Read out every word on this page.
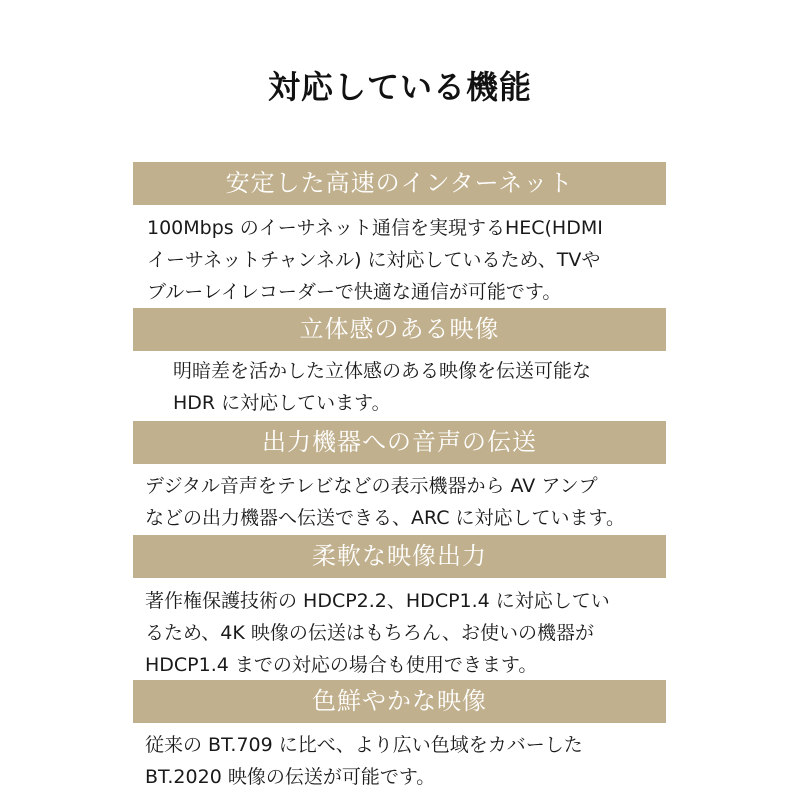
対応している機能
安定した高速のインターネット
100Mbps のイーサネット通信を実現するHEC(HDMI
イーサネットチャンネル) に対応しているため、TVや
ブルーレイレコーダーで快適な通信が可能です。
立体感のある映像
明暗差を活かした立体感のある映像を伝送可能な
HDR に対応しています。
出力機器への音声の伝送
デジタル音声をテレビなどの表示機器から AV アンプ
などの出力機器へ伝送できる、ARC に対応しています。
柔軟な映像出力
著作権保護技術の HDCP2.2、HDCP1.4 に対応してい
るため、4K 映像の伝送はもちろん、お使いの機器が
HDCP1.4 までの対応の場合も使用できます。
色鮮やかな映像
従来の BT.709 に比べ、より広い色域をカバーした
BT.2020 映像の伝送が可能です。
